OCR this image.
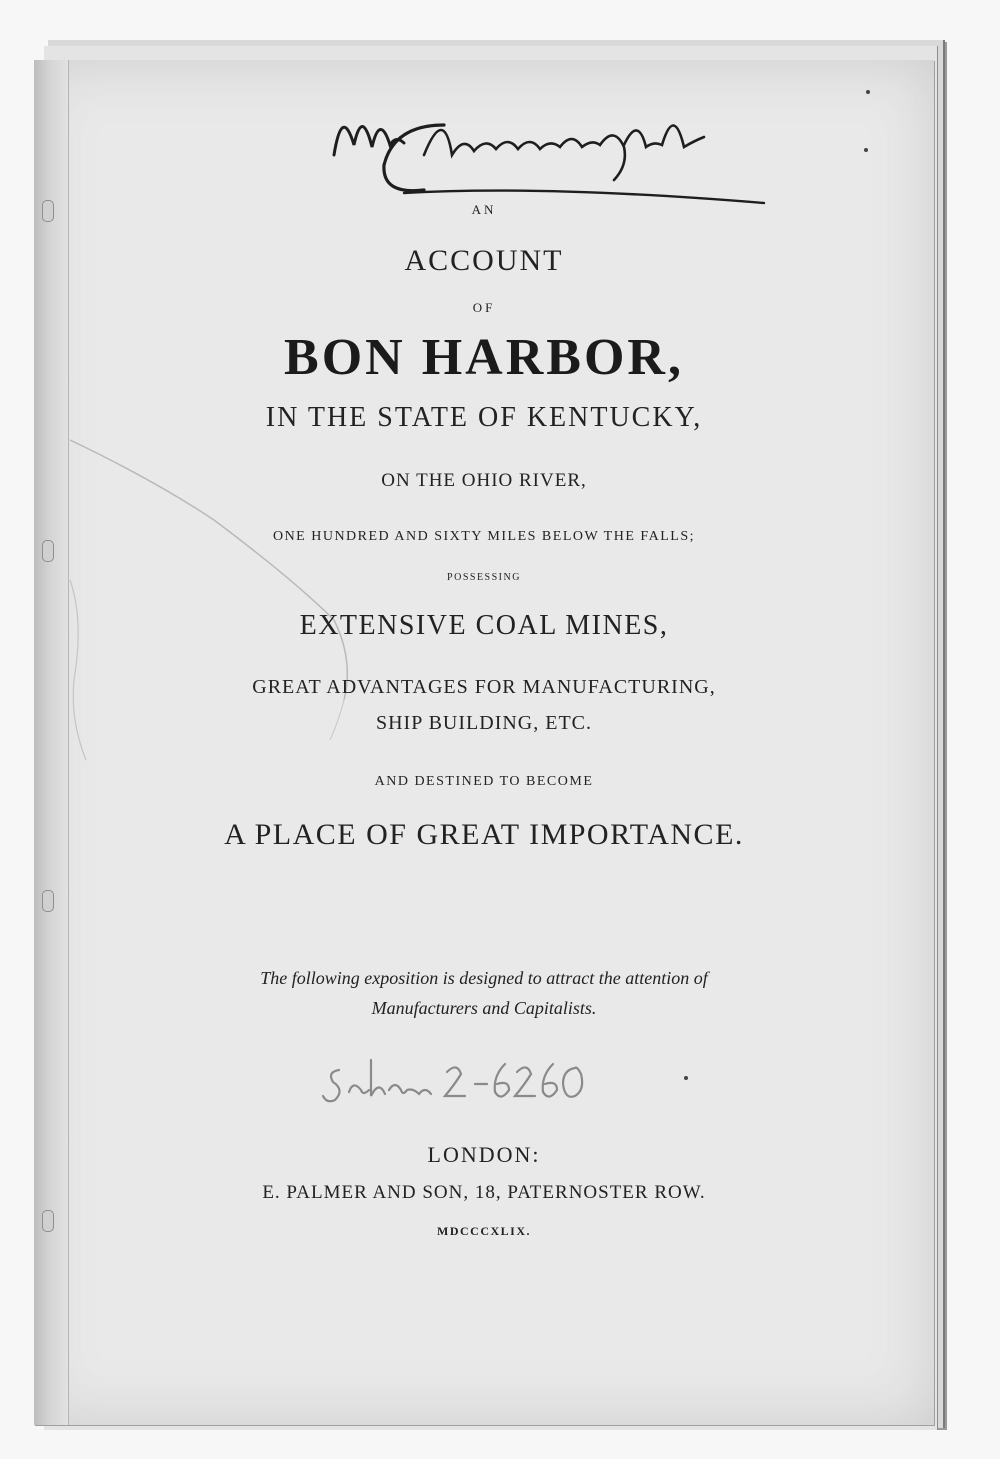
AN
ACCOUNT
OF
BON HARBOR,
IN THE STATE OF KENTUCKY,
ON THE OHIO RIVER,
ONE HUNDRED AND SIXTY MILES BELOW THE FALLS;
POSSESSING
EXTENSIVE COAL MINES,
GREAT ADVANTAGES FOR MANUFACTURING,
SHIP BUILDING, ETC.
AND DESTINED TO BECOME
A PLACE OF GREAT IMPORTANCE.
The following exposition is designed to attract the attention of
Manufacturers and Capitalists.
LONDON:
E. PALMER AND SON, 18, PATERNOSTER ROW.
MDCCCXLIX.
